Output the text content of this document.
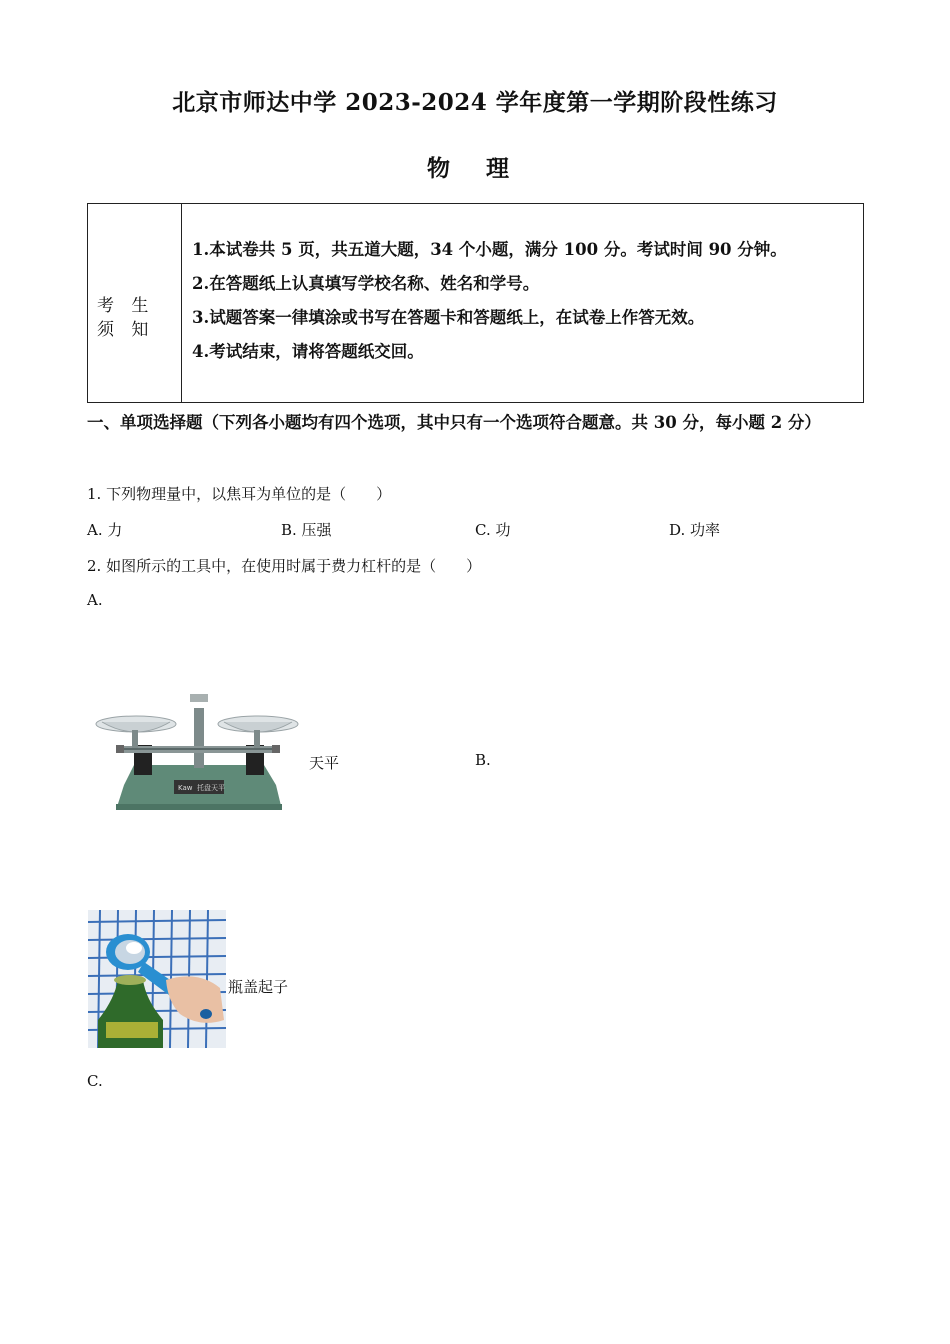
北京市师达中学 2023-2024 学年度第一学期阶段性练习
物 理
考 生 须 知
1.本试卷共 5 页，共五道大题，34 个小题，满分 100 分。考试时间 90 分钟。
2.在答题纸上认真填写学校名称、姓名和学号。
3.试题答案一律填涂或书写在答题卡和答题纸上，在试卷上作答无效。
4.考试结束，请将答题纸交回。
一、单项选择题（下列各小题均有四个选项，其中只有一个选项符合题意。共 30 分，每小题 2 分）
1. 下列物理量中，以焦耳为单位的是（　　）
A. 力	B. 压强	C. 功	D. 功率
2. 如图所示的工具中，在使用时属于费力杠杆的是（　　）
A.
Kaw 托盘天平
天平	B.
瓶盖起子
C.
